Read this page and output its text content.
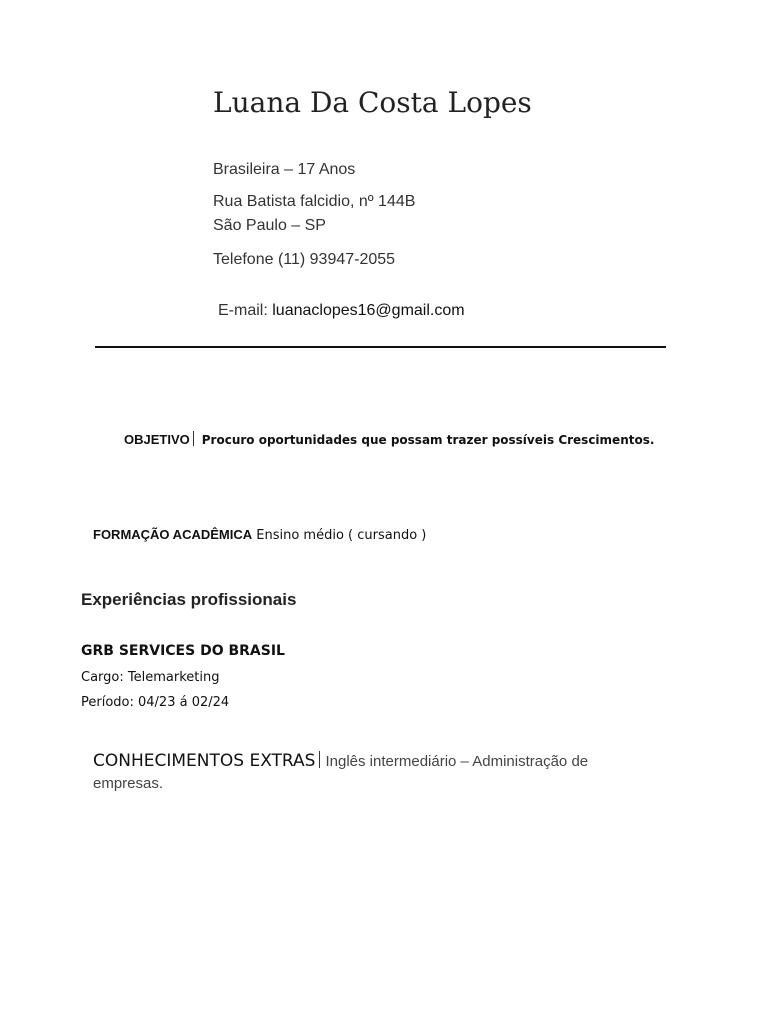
Luana Da Costa Lopes
Brasileira – 17 Anos
Rua Batista falcidio, nº 144B
São Paulo – SP
Telefone (11) 93947-2055
E-mail: luanaclopes16@gmail.com
OBJETIVO Procuro oportunidades que possam trazer possíveis Crescimentos.
FORMAÇÃO ACADÊMICA Ensino médio ( cursando )
Experiências profissionais
GRB SERVICES DO BRASIL
Cargo: Telemarketing
Período: 04/23 á 02/24
CONHECIMENTOS EXTRAS Inglês intermediário – Administração de empresas.
